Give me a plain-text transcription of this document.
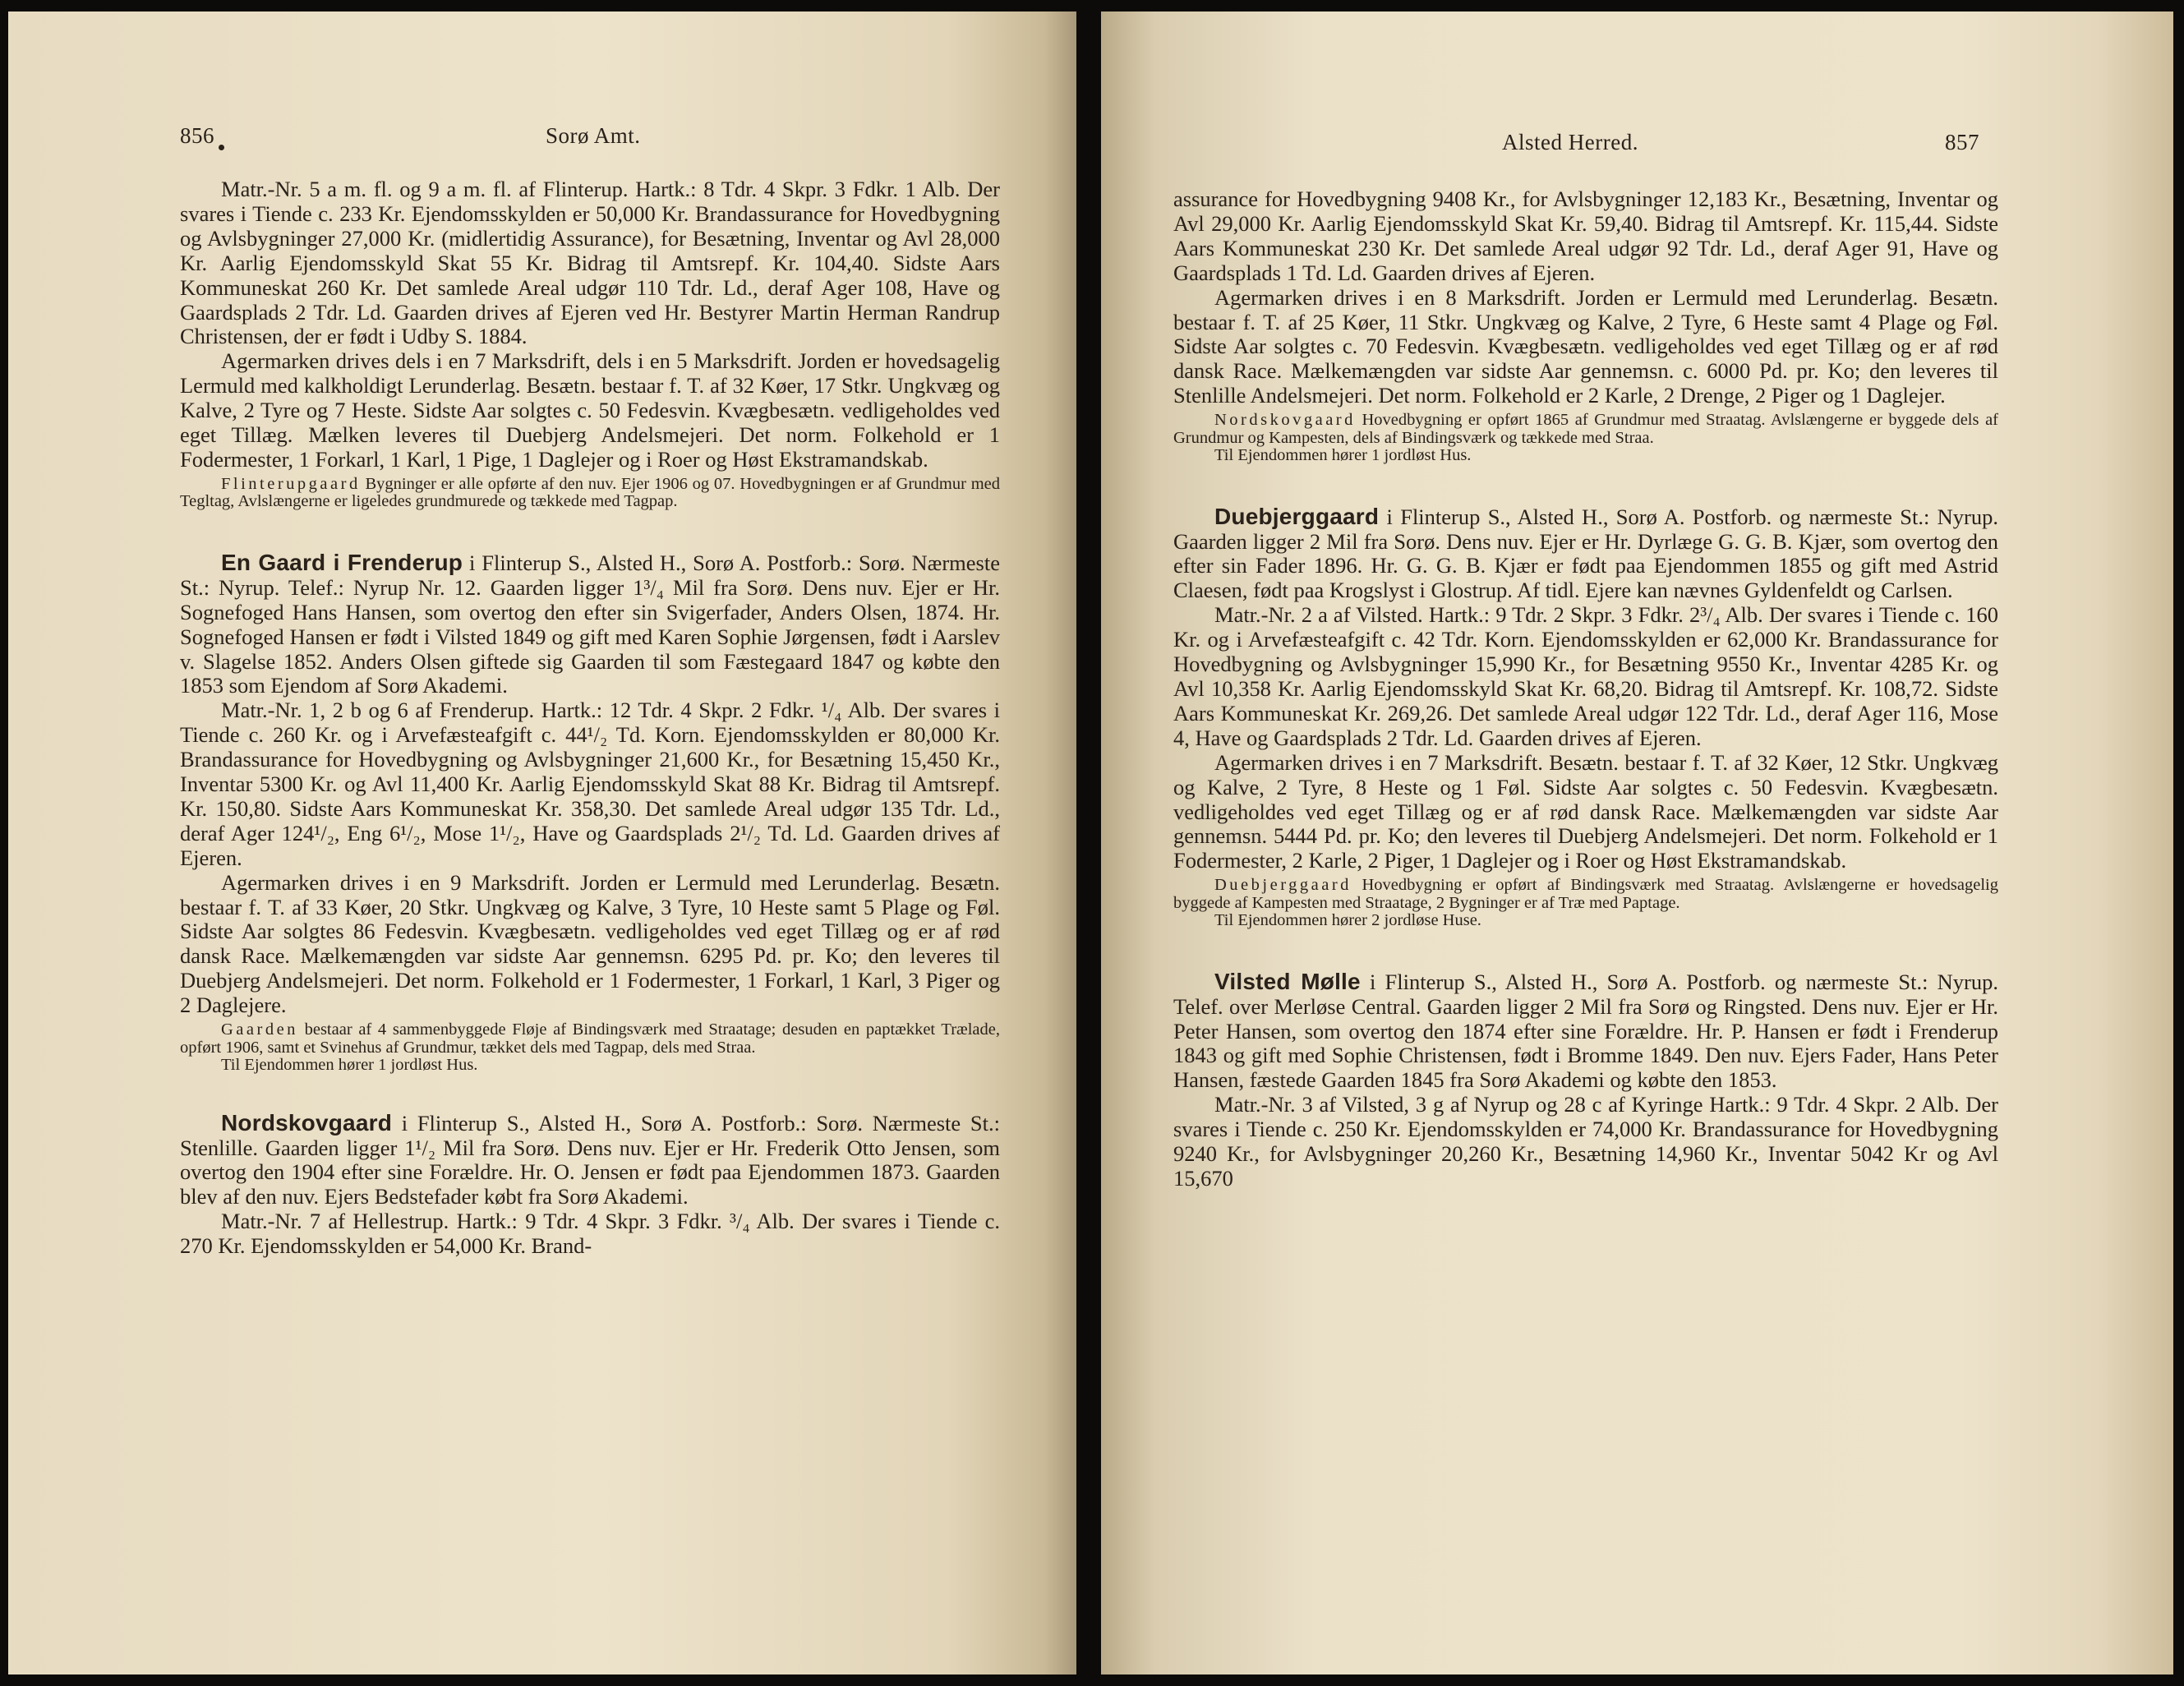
856	Sorø Amt.

Matr.-Nr. 5 a m. fl. og 9 a m. fl. af Flinterup. Hartk.: 8 Tdr. 4 Skpr. 3 Fdkr. 1 Alb. Der svares i Tiende c. 233 Kr. Ejendomsskylden er 50,000 Kr. Brandassurance for Hovedbygning og Avlsbygninger 27,000 Kr. (midlertidig Assurance), for Besætning, Inventar og Avl 28,000 Kr. Aarlig Ejendomsskyld Skat 55 Kr. Bidrag til Amtsrepf. Kr. 104,40. Sidste Aars Kommuneskat 260 Kr. Det samlede Areal udgør 110 Tdr. Ld., deraf Ager 108, Have og Gaardsplads 2 Tdr. Ld. Gaarden drives af Ejeren ved Hr. Bestyrer Martin Herman Randrup Christensen, der er født i Udby S. 1884.

Agermarken drives dels i en 7 Marksdrift, dels i en 5 Marksdrift. Jorden er hovedsagelig Lermuld med kalkholdigt Lerunderlag. Besætn. bestaar f. T. af 32 Køer, 17 Stkr. Ungkvæg og Kalve, 2 Tyre og 7 Heste. Sidste Aar solgtes c. 50 Fedesvin. Kvægbesætn. vedligeholdes ved eget Tillæg. Mælken leveres til Duebjerg Andelsmejeri. Det norm. Folkehold er 1 Fodermester, 1 Forkarl, 1 Karl, 1 Pige, 1 Daglejer og i Roer og Høst Ekstramandskab.

Flinterupgaard Bygninger er alle opførte af den nuv. Ejer 1906 og 07. Hovedbygningen er af Grundmur med Tegltag, Avlslængerne er ligeledes grundmurede og tækkede med Tagpap.

En Gaard i Frenderup i Flinterup S., Alsted H., Sorø A. Postforb.: Sorø. Nærmeste St.: Nyrup. Telef.: Nyrup Nr. 12. Gaarden ligger 1³/₄ Mil fra Sorø. Dens nuv. Ejer er Hr. Sognefoged Hans Hansen, som overtog den efter sin Svigerfader, Anders Olsen, 1874. Hr. Sognefoged Hansen er født i Vilsted 1849 og gift med Karen Sophie Jørgensen, født i Aarslev v. Slagelse 1852. Anders Olsen giftede sig Gaarden til som Fæstegaard 1847 og købte den 1853 som Ejendom af Sorø Akademi.

Matr.-Nr. 1, 2 b og 6 af Frenderup. Hartk.: 12 Tdr. 4 Skpr. 2 Fdkr. ¹/₄ Alb. Der svares i Tiende c. 260 Kr. og i Arvefæsteafgift c. 44¹/₂ Td. Korn. Ejendomsskylden er 80,000 Kr. Brandassurance for Hovedbygning og Avlsbygninger 21,600 Kr., for Besætning 15,450 Kr., Inventar 5300 Kr. og Avl 11,400 Kr. Aarlig Ejendomsskyld Skat 88 Kr. Bidrag til Amtsrepf. Kr. 150,80. Sidste Aars Kommuneskat Kr. 358,30. Det samlede Areal udgør 135 Tdr. Ld., deraf Ager 124¹/₂, Eng 6¹/₂, Mose 1¹/₂, Have og Gaardsplads 2¹/₂ Td. Ld. Gaarden drives af Ejeren.

Agermarken drives i en 9 Marksdrift. Jorden er Lermuld med Lerunderlag. Besætn. bestaar f. T. af 33 Køer, 20 Stkr. Ungkvæg og Kalve, 3 Tyre, 10 Heste samt 5 Plage og Føl. Sidste Aar solgtes 86 Fedesvin. Kvægbesætn. vedligeholdes ved eget Tillæg og er af rød dansk Race. Mælkemængden var sidste Aar gennemsn. 6295 Pd. pr. Ko; den leveres til Duebjerg Andelsmejeri. Det norm. Folkehold er 1 Fodermester, 1 Forkarl, 1 Karl, 3 Piger og 2 Daglejere.

Gaarden bestaar af 4 sammenbyggede Fløje af Bindingsværk med Straatage; desuden en paptækket Trælade, opført 1906, samt et Svinehus af Grundmur, tækket dels med Tagpap, dels med Straa.

Til Ejendommen hører 1 jordløst Hus.

Nordskovgaard i Flinterup S., Alsted H., Sorø A. Postforb.: Sorø. Nærmeste St.: Stenlille. Gaarden ligger 1¹/₂ Mil fra Sorø. Dens nuv. Ejer er Hr. Frederik Otto Jensen, som overtog den 1904 efter sine Forældre. Hr. O. Jensen er født paa Ejendommen 1873. Gaarden blev af den nuv. Ejers Bedstefader købt fra Sorø Akademi.

Matr.-Nr. 7 af Hellestrup. Hartk.: 9 Tdr. 4 Skpr. 3 Fdkr. ³/₄ Alb. Der svares i Tiende c. 270 Kr. Ejendomsskylden er 54,000 Kr. Brand-

Alsted Herred.	857

assurance for Hovedbygning 9408 Kr., for Avlsbygninger 12,183 Kr., Besætning, Inventar og Avl 29,000 Kr. Aarlig Ejendomsskyld Skat Kr. 59,40. Bidrag til Amtsrepf. Kr. 115,44. Sidste Aars Kommuneskat 230 Kr. Det samlede Areal udgør 92 Tdr. Ld., deraf Ager 91, Have og Gaardsplads 1 Td. Ld. Gaarden drives af Ejeren.

Agermarken drives i en 8 Marksdrift. Jorden er Lermuld med Lerunderlag. Besætn. bestaar f. T. af 25 Køer, 11 Stkr. Ungkvæg og Kalve, 2 Tyre, 6 Heste samt 4 Plage og Føl. Sidste Aar solgtes c. 70 Fedesvin. Kvægbesætn. vedligeholdes ved eget Tillæg og er af rød dansk Race. Mælkemængden var sidste Aar gennemsn. c. 6000 Pd. pr. Ko; den leveres til Stenlille Andelsmejeri. Det norm. Folkehold er 2 Karle, 2 Drenge, 2 Piger og 1 Daglejer.

Nordskovgaard Hovedbygning er opført 1865 af Grundmur med Straatag. Avlslængerne er byggede dels af Grundmur og Kampesten, dels af Bindingsværk og tækkede med Straa.

Til Ejendommen hører 1 jordløst Hus.

Duebjerggaard i Flinterup S., Alsted H., Sorø A. Postforb. og nærmeste St.: Nyrup. Gaarden ligger 2 Mil fra Sorø. Dens nuv. Ejer er Hr. Dyrlæge G. G. B. Kjær, som overtog den efter sin Fader 1896. Hr. G. G. B. Kjær er født paa Ejendommen 1855 og gift med Astrid Claesen, født paa Krogslyst i Glostrup. Af tidl. Ejere kan nævnes Gyldenfeldt og Carlsen.

Matr.-Nr. 2 a af Vilsted. Hartk.: 9 Tdr. 2 Skpr. 3 Fdkr. 2³/₄ Alb. Der svares i Tiende c. 160 Kr. og i Arvefæsteafgift c. 42 Tdr. Korn. Ejendomsskylden er 62,000 Kr. Brandassurance for Hovedbygning og Avlsbygninger 15,990 Kr., for Besætning 9550 Kr., Inventar 4285 Kr. og Avl 10,358 Kr. Aarlig Ejendomsskyld Skat Kr. 68,20. Bidrag til Amtsrepf. Kr. 108,72. Sidste Aars Kommuneskat Kr. 269,26. Det samlede Areal udgør 122 Tdr. Ld., deraf Ager 116, Mose 4, Have og Gaardsplads 2 Tdr. Ld. Gaarden drives af Ejeren.

Agermarken drives i en 7 Marksdrift. Besætn. bestaar f. T. af 32 Køer, 12 Stkr. Ungkvæg og Kalve, 2 Tyre, 8 Heste og 1 Føl. Sidste Aar solgtes c. 50 Fedesvin. Kvægbesætn. vedligeholdes ved eget Tillæg og er af rød dansk Race. Mælkemængden var sidste Aar gennemsn. 5444 Pd. pr. Ko; den leveres til Duebjerg Andelsmejeri. Det norm. Folkehold er 1 Fodermester, 2 Karle, 2 Piger, 1 Daglejer og i Roer og Høst Ekstramandskab.

Duebjerggaard Hovedbygning er opført af Bindingsværk med Straatag. Avlslængerne er hovedsagelig byggede af Kampesten med Straatage, 2 Bygninger er af Træ med Paptage.

Til Ejendommen hører 2 jordløse Huse.

Vilsted Mølle i Flinterup S., Alsted H., Sorø A. Postforb. og nærmeste St.: Nyrup. Telef. over Merløse Central. Gaarden ligger 2 Mil fra Sorø og Ringsted. Dens nuv. Ejer er Hr. Peter Hansen, som overtog den 1874 efter sine Forældre. Hr. P. Hansen er født i Frenderup 1843 og gift med Sophie Christensen, født i Bromme 1849. Den nuv. Ejers Fader, Hans Peter Hansen, fæstede Gaarden 1845 fra Sorø Akademi og købte den 1853.

Matr.-Nr. 3 af Vilsted, 3 g af Nyrup og 28 c af Kyringe Hartk.: 9 Tdr. 4 Skpr. 2 Alb. Der svares i Tiende c. 250 Kr. Ejendomsskylden er 74,000 Kr. Brandassurance for Hovedbygning 9240 Kr., for Avlsbygninger 20,260 Kr., Besætning 14,960 Kr., Inventar 5042 Kr og Avl 15,670
